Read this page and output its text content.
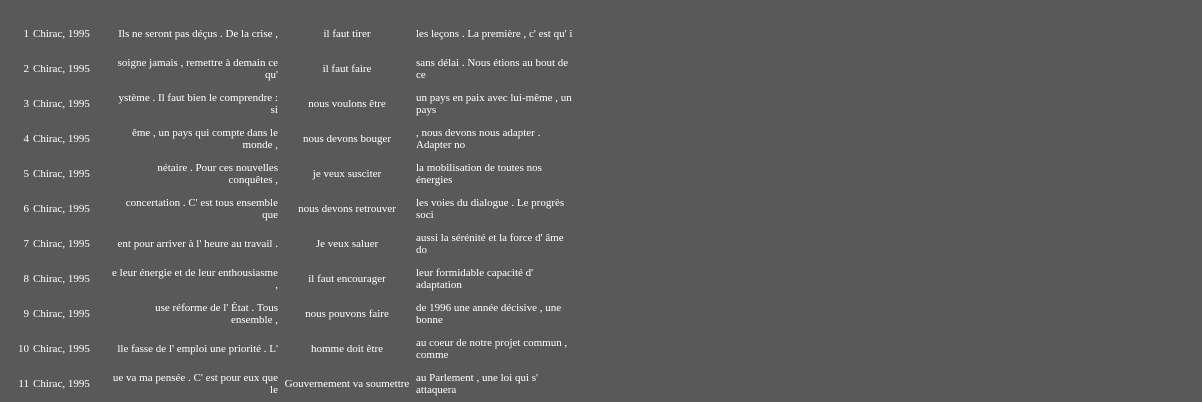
1	Chirac, 1995	Ils ne seront pas déçus . De la crise ,	il faut tirer	les leçons . La première , c' est qu' i
2	Chirac, 1995	soigne jamais , remettre à demain ce qu'	il faut faire	sans délai . Nous étions au bout de ce
3	Chirac, 1995	ystème . Il faut bien le comprendre : si	nous voulons être	un pays en paix avec lui-même , un pays
4	Chirac, 1995	ême , un pays qui compte dans le monde ,	nous devons bouger	, nous devons nous adapter . Adapter no
5	Chirac, 1995	nétaire . Pour ces nouvelles conquêtes ,	je veux susciter	la mobilisation de toutes nos énergies
6	Chirac, 1995	concertation . C' est tous ensemble que	nous devons retrouver	les voies du dialogue . Le progrès soci
7	Chirac, 1995	ent pour arriver à l' heure au travail .	Je veux saluer	aussi la sérénité et la force d' âme do
8	Chirac, 1995	e leur énergie et de leur enthousiasme ,	il faut encourager	leur formidable capacité d' adaptation
9	Chirac, 1995	use réforme de l' État . Tous ensemble ,	nous pouvons faire	de 1996 une année décisive , une bonne
10	Chirac, 1995	lle fasse de l' emploi une priorité . L'	homme doit être	au coeur de notre projet commun , comme
11	Chirac, 1995	ue va ma pensée . C' est pour eux que le	Gouvernement va soumettre	au Parlement , une loi qui s' attaquera
